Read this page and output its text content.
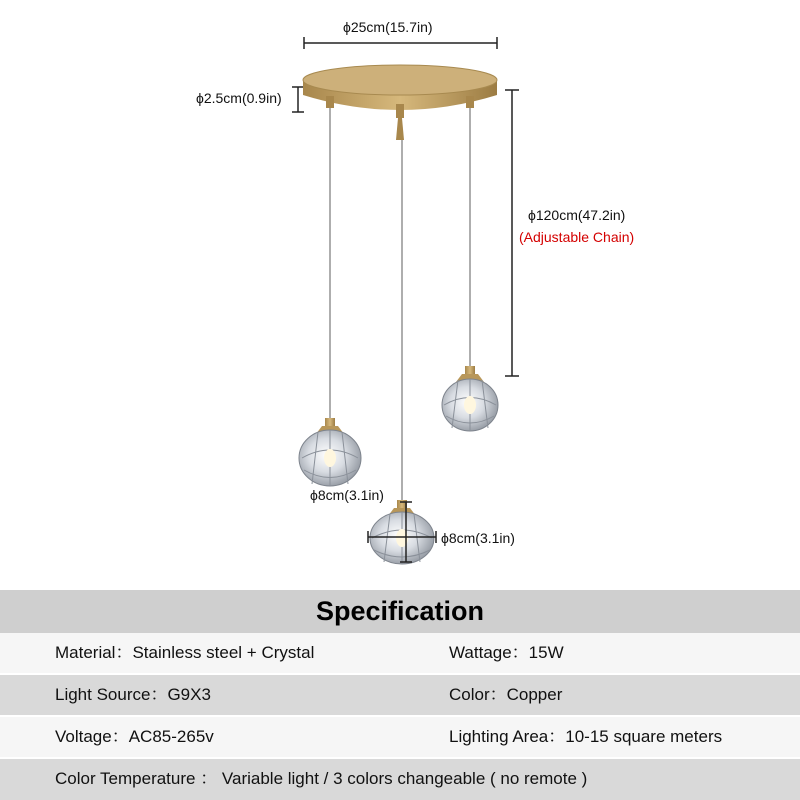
ϕ25cm(15.7in)
ϕ2.5cm(0.9in)
ϕ120cm(47.2in)
(Adjustable Chain)
ϕ8cm(3.1in)
ϕ8cm(3.1in)
Specification
Material：Stainless steel + Crystal	Wattage：15W
Light Source：G9X3	Color：Copper
Voltage：AC85-265v	Lighting Area：10-15 square meters
Color Temperature ： Variable light / 3 colors changeable ( no remote )
